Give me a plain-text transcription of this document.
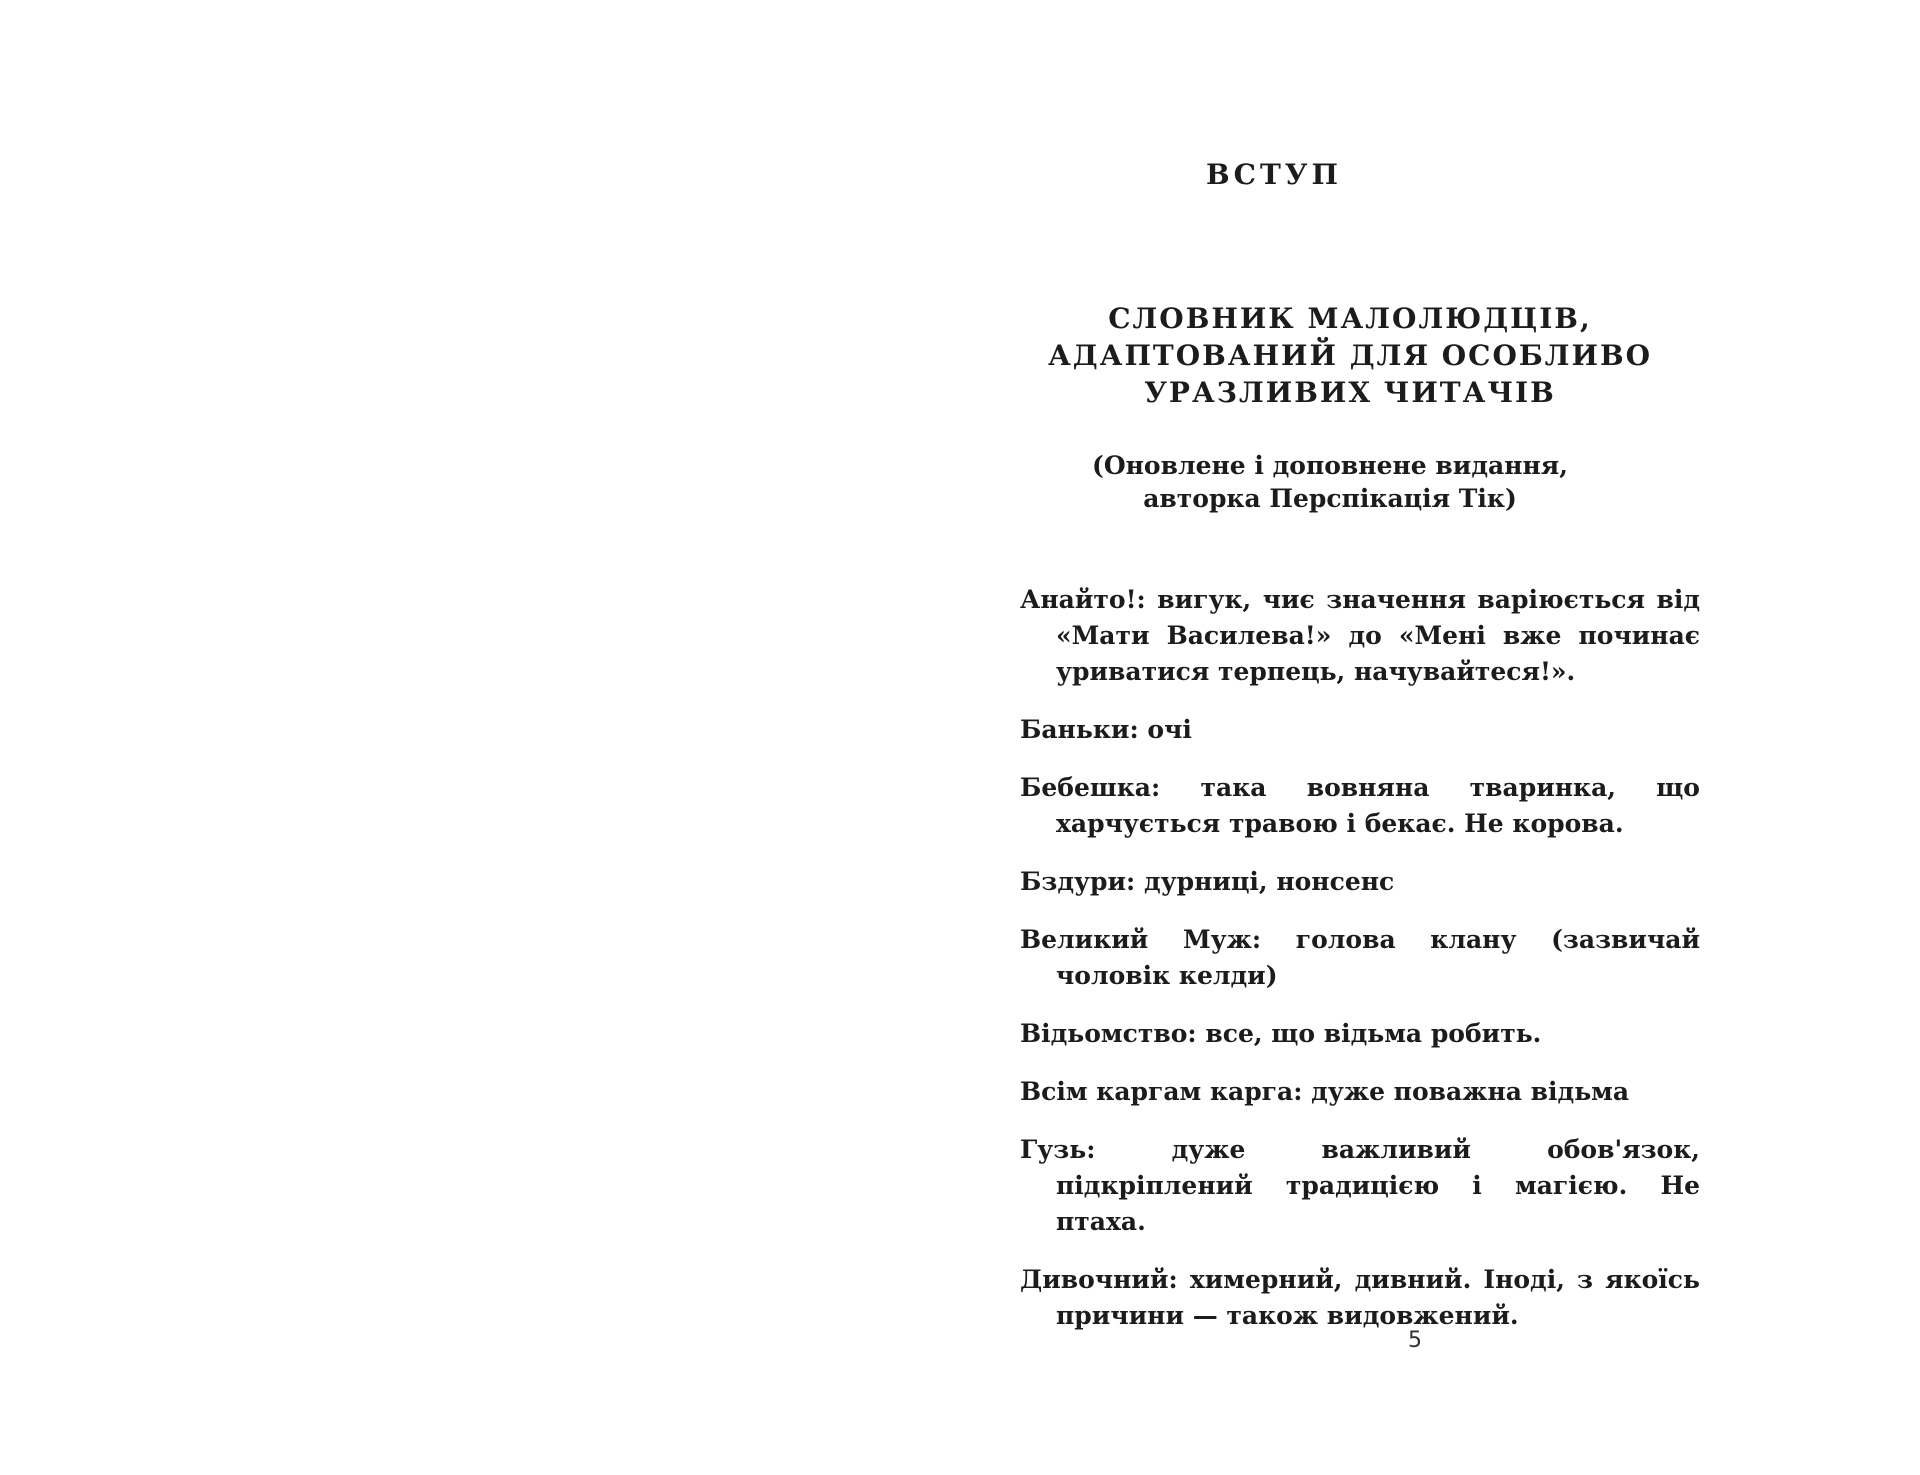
ВСТУП
СЛОВНИК МАЛОЛЮДЦІВ,
АДАПТОВАНИЙ ДЛЯ ОСОБЛИВО
УРАЗЛИВИХ ЧИТАЧІВ
(Оновлене і доповнене видання,
авторка Перспікація Тік)

Анайто!: вигук, чиє значення варіюється від «Мати Василева!» до «Мені вже починає уриватися терпець, начувайтеся!».

Баньки: очі

Бебешка: така вовняна тваринка, що харчується травою і бекає. Не корова.

Бздури: дурниці, нонсенс

Великий Муж: голова клану (зазвичай чоловік келди)

Відьомство: все, що відьма робить.

Всім каргам карга: дуже поважна відьма

Гузь:	дуже важливий обов'язок, підкріплений традицією і магією. Не птаха.

Дивочний: химерний, дивний. Іноді, з якоїсь причини — також видовжений.

5
